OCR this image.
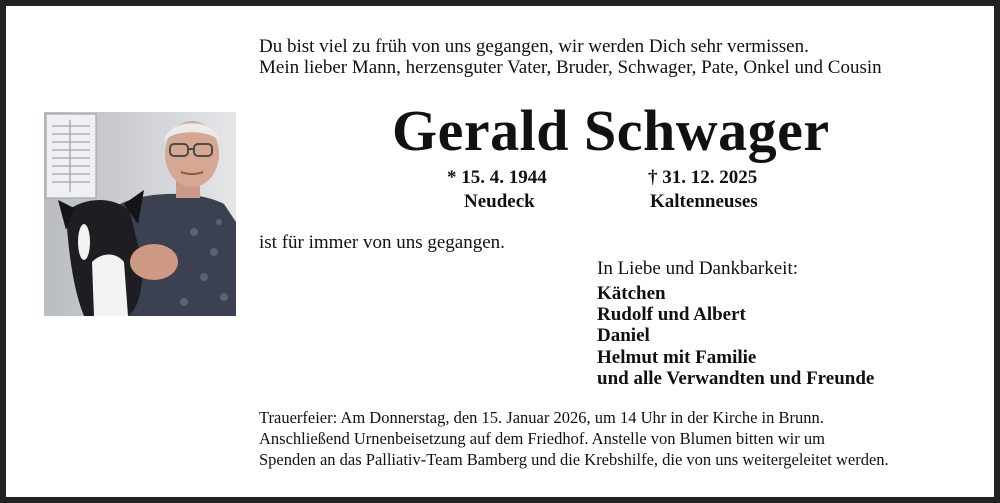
Du bist viel zu früh von uns gegangen, wir werden Dich sehr vermissen.
Mein lieber Mann, herzensguter Vater, Bruder, Schwager, Pate, Onkel und Cousin
Gerald Schwager
* 15. 4. 1944
Neudeck
† 31. 12. 2025
Kaltenneuses
ist für immer von uns gegangen.
In Liebe und Dankbarkeit:
Kätchen
Rudolf und Albert
Daniel
Helmut mit Familie
und alle Verwandten und Freunde
Trauerfeier: Am Donnerstag, den 15. Januar 2026, um 14 Uhr in der Kirche in Brunn.
Anschließend Urnenbeisetzung auf dem Friedhof. Anstelle von Blumen bitten wir um
Spenden an das Palliativ-Team Bamberg und die Krebshilfe, die von uns weitergeleitet werden.
